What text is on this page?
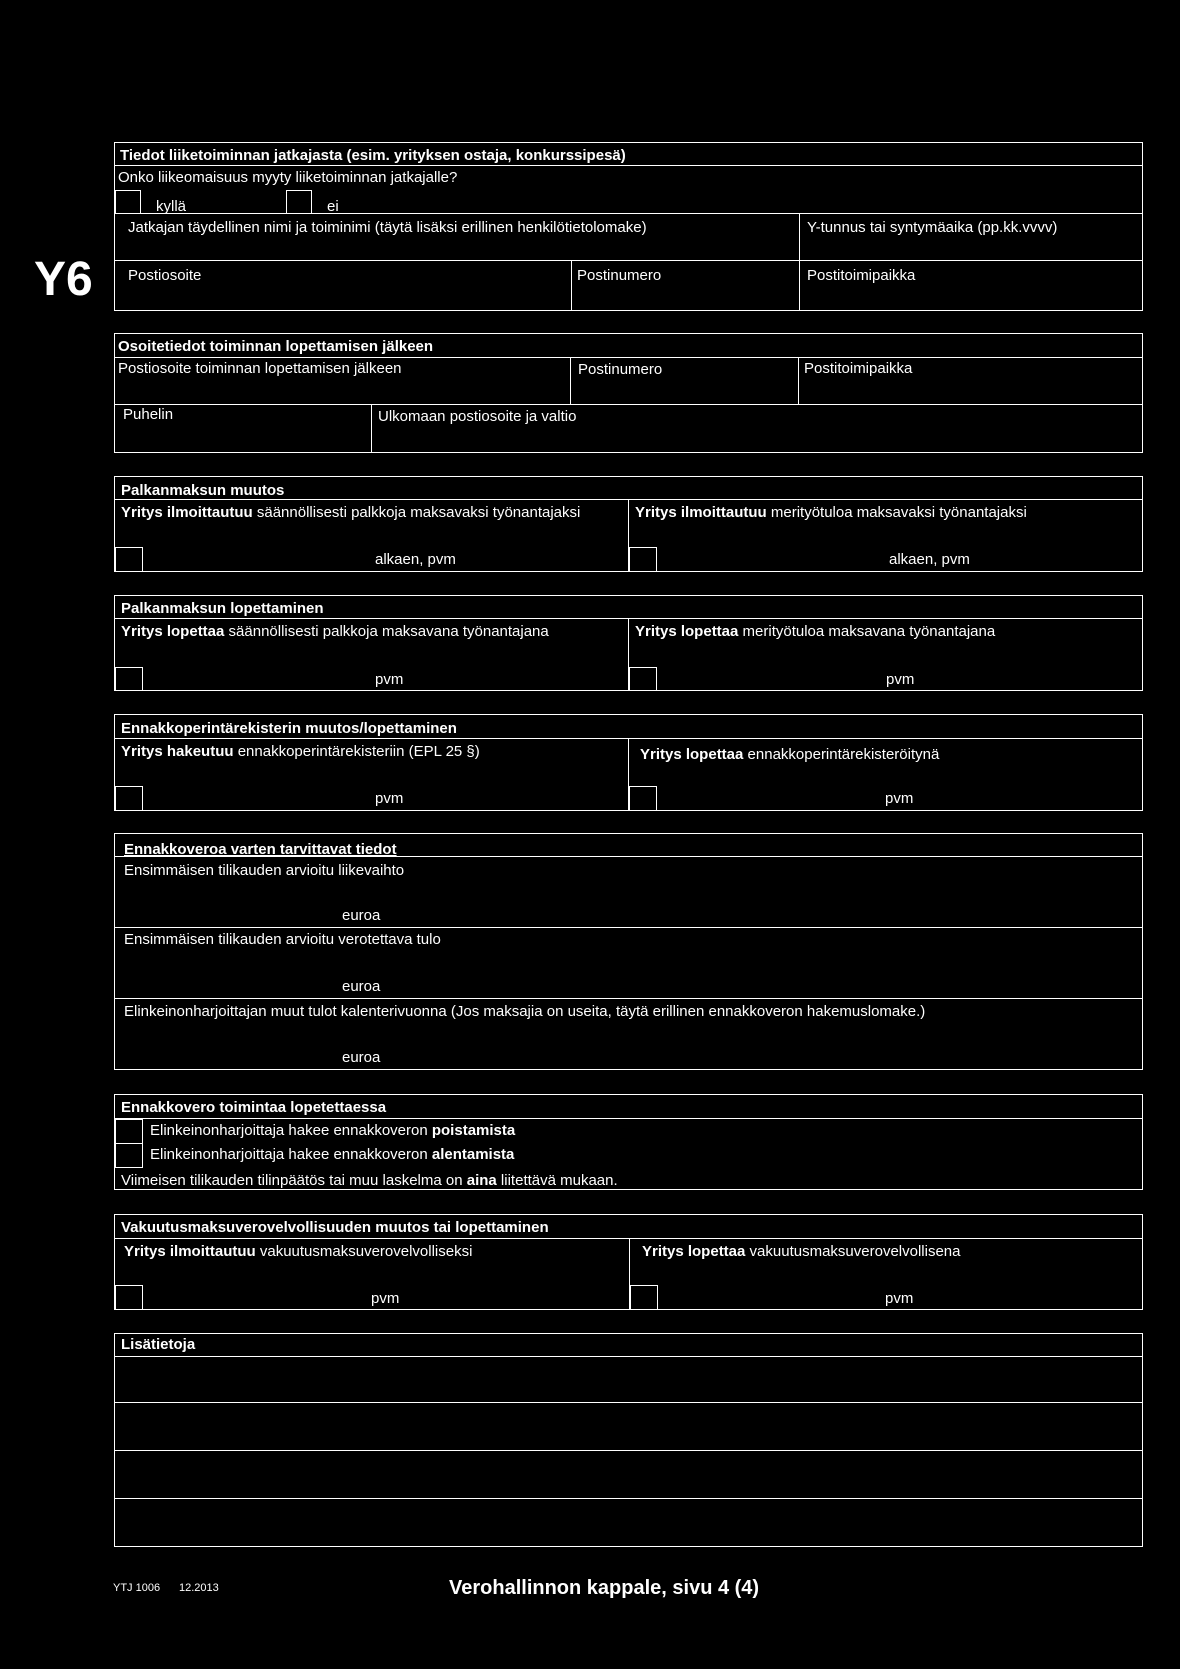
Y6
Tiedot liiketoiminnan jatkajasta (esim. yrityksen ostaja, konkurssipesä)
Onko liikeomaisuus myyty liiketoiminnan jatkajalle?
kyllä	ei
Jatkajan täydellinen nimi ja toiminimi (täytä lisäksi erillinen henkilötietolomake)	Y-tunnus tai syntymäaika (pp.kk.vvvv)
Postiosoite	Postinumero	Postitoimipaikka
Osoitetiedot toiminnan lopettamisen jälkeen
Postiosoite toiminnan lopettamisen jälkeen	Postinumero	Postitoimipaikka
Puhelin	Ulkomaan postiosoite ja valtio
Palkanmaksun muutos
Yritys ilmoittautuu säännöllisesti palkkoja maksavaksi työnantajaksi	Yritys ilmoittautuu merityötuloa maksavaksi työnantajaksi
alkaen, pvm	alkaen, pvm
Palkanmaksun lopettaminen
Yritys lopettaa säännöllisesti palkkoja maksavana työnantajana	Yritys lopettaa merityötuloa maksavana työnantajana
pvm	pvm
Ennakkoperintärekisterin muutos/lopettaminen
Yritys hakeutuu ennakkoperintärekisteriin (EPL 25 §)	Yritys lopettaa ennakkoperintärekisteröitynä
pvm	pvm
Ennakkoveroa varten tarvittavat tiedot
Ensimmäisen tilikauden arvioitu liikevaihto
euroa
Ensimmäisen tilikauden arvioitu verotettava tulo
euroa
Elinkeinonharjoittajan muut tulot kalenterivuonna (Jos maksajia on useita, täytä erillinen ennakkoveron hakemuslomake.)
euroa
Ennakkovero toimintaa lopetettaessa
Elinkeinonharjoittaja hakee ennakkoveron poistamista
Elinkeinonharjoittaja hakee ennakkoveron alentamista
Viimeisen tilikauden tilinpäätös tai muu laskelma on aina liitettävä mukaan.
Vakuutusmaksuverovelvollisuuden muutos tai lopettaminen
Yritys ilmoittautuu vakuutusmaksuverovelvolliseksi	Yritys lopettaa vakuutusmaksuverovelvollisena
pvm	pvm
Lisätietoja
YTJ 1006 12.2013	Verohallinnon kappale, sivu 4 (4)
